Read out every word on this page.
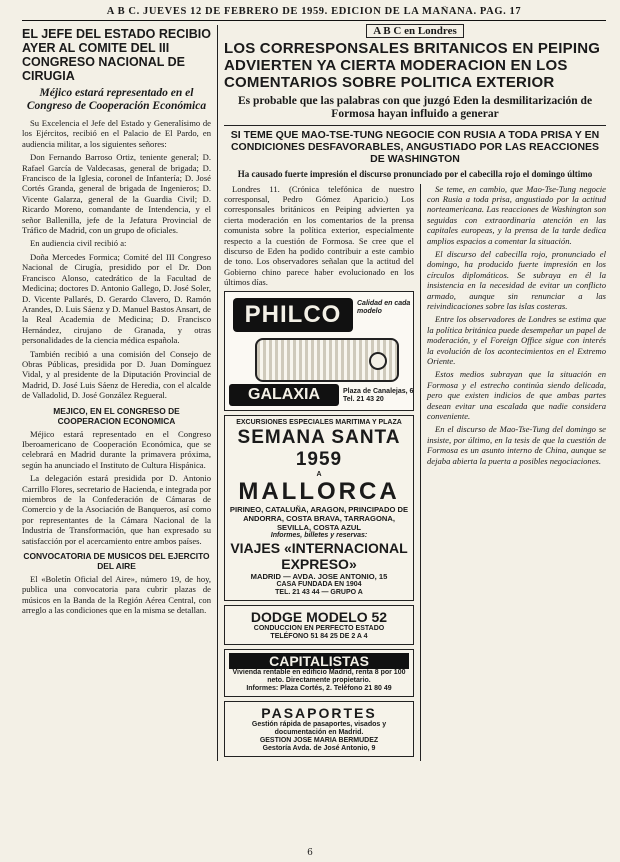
A B C. JUEVES 12 DE FEBRERO DE 1959. EDICION DE LA MAÑANA. PAG. 17
EL JEFE DEL ESTADO RECIBIO AYER AL COMITE DEL III CONGRESO NACIONAL DE CIRUGIA
Méjico estará representado en el Congreso de Cooperación Económica

Su Excelencia el Jefe del Estado y Generalísimo de los Ejércitos, recibió en el Palacio de El Pardo, en audiencia militar, a los siguientes señores:

Don Fernando Barroso Ortiz, teniente general; D. Rafael García de Valdecasas, general de brigada; D. Francisco de la Iglesia, coronel de Infantería; D. José Cortés Granda, general de brigada de Ingenieros; D. Vicente Galarza, general de la Guardia Civil; D. Ricardo Moreno, comandante de Intendencia, y el señor Ballenilla, jefe de la Jefatura Provincial de Tráfico de Madrid, con un grupo de oficiales.

En audiencia civil recibió a:

Doña Mercedes Formica; Comité del III Congreso Nacional de Cirugía, presidido por el Dr. Don Francisco Alonso, catedrático de la Facultad de Medicina; doctores D. Antonio Gallego, D. José Soler, D. Vicente Pallarés, D. Gerardo Clavero, D. Ramón Arandes, D. Luis Sáenz y D. Manuel Bastos Ansart, de la Real Academia de Medicina; D. Francisco Hernández, cirujano de Granada, y otras personalidades de la ciencia médica española.

También recibió a una comisión del Consejo de Obras Públicas, presidida por D. Juan Domínguez Vidal, y al presidente de la Diputación Provincial de Madrid, D. José Luis Sáenz de Heredia, con el alcalde de Valladolid, D. José González Regueral.

MEJICO, EN EL CONGRESO DE COOPERACION ECONOMICA

Méjico estará representado en el Congreso Iberoamericano de Cooperación Económica, que se celebrará en Madrid durante la primavera próxima, según ha anunciado el Instituto de Cultura Hispánica.

La delegación estará presidida por D. Antonio Carrillo Flores, secretario de Hacienda, e integrada por miembros de la Confederación de Cámaras de Comercio y de la Asociación de Banqueros, así como por representantes de la Cámara Nacional de la Industria de Transformación, que han expresado su satisfacción por el acercamiento entre ambos países.

CONVOCATORIA DE MUSICOS DEL EJERCITO DEL AIRE

El «Boletín Oficial del Aire», número 19, de hoy, publica una convocatoria para cubrir plazas de músicos en la Banda de la Región Aérea Central, con arreglo a las condiciones que en la misma se detallan.

A B C en Londres
LOS CORRESPONSALES BRITANICOS EN PEIPING ADVIERTEN YA CIERTA MODERACION EN LOS COMENTARIOS SOBRE POLITICA EXTERIOR
Es probable que las palabras con que juzgó Eden la desmilitarización de Formosa hayan influido a generar
SI TEME QUE MAO-TSE-TUNG NEGOCIE CON RUSIA A TODA PRISA Y EN CONDICIONES DESFAVORABLES, ANGUSTIADO POR LAS REACCIONES DE WASHINGTON
Ha causado fuerte impresión el discurso pronunciado por el cabecilla rojo el domingo último

Londres 11. (Crónica telefónica de nuestro corresponsal, Pedro Gómez Aparicio.) Los corresponsales británicos en Peiping advierten ya cierta moderación en los comentarios de la prensa comunista sobre la política exterior, especialmente respecto a la cuestión de Formosa. Se cree que el discurso de Eden ha podido contribuir a este cambio de tono. Los observadores señalan que la actitud del Gobierno chino parece haber evolucionado en los últimos días.

PHILCO	Calidad en cada modelo
GALAXIA	Plaza de Canalejas, 6 Tel. 21 43 20
EXCURSIONES ESPECIALES MARITIMA Y PLAZA
SEMANA SANTA 1959
A
MALLORCA
PIRINEO, CATALUÑA, ARAGON, PRINCIPADO DE ANDORRA, COSTA BRAVA, TARRAGONA, SEVILLA, COSTA AZUL
Informes, billetes y reservas:
VIAJES «INTERNACIONAL EXPRESO»
MADRID — AVDA. JOSE ANTONIO, 15
CASA FUNDADA EN 1904
TEL. 21 43 44 — GRUPO A
DODGE MODELO 52
CONDUCCION EN PERFECTO ESTADO
TELÉFONO 51 84 25 DE 2 A 4
CAPITALISTAS
Vivienda rentable en edificio Madrid, renta 8 por 100 neto. Directamente propietario.
Informes: Plaza Cortés, 2. Teléfono 21 80 49
PASAPORTES
Gestión rápida de pasaportes, visados y documentación en Madrid.
GESTION JOSE MARIA BERMUDEZ
Gestoría Avda. de José Antonio, 9

Se teme, en cambio, que Mao-Tse-Tung negocie con Rusia a toda prisa, angustiado por la actitud norteamericana. Las reacciones de Washington son seguidas con extraordinaria atención en las capitales europeas, y la prensa de la tarde dedica amplios espacios a comentar la situación.

El discurso del cabecilla rojo, pronunciado el domingo, ha producido fuerte impresión en los círculos diplomáticos. Se subraya en él la insistencia en la necesidad de evitar un conflicto armado, aunque sin renunciar a las reivindicaciones sobre las islas costeras.

Entre los observadores de Londres se estima que la política británica puede desempeñar un papel de moderación, y el Foreign Office sigue con interés la evolución de los acontecimientos en el Extremo Oriente.

Estos medios subrayan que la situación en Formosa y el estrecho continúa siendo delicada, pero que existen indicios de que ambas partes desean evitar una escalada que nadie considera conveniente.

En el discurso de Mao-Tse-Tung del domingo se insiste, por último, en la tesis de que la cuestión de Formosa es un asunto interno de China, aunque se dejaba abierta la puerta a posibles negociaciones.

6
